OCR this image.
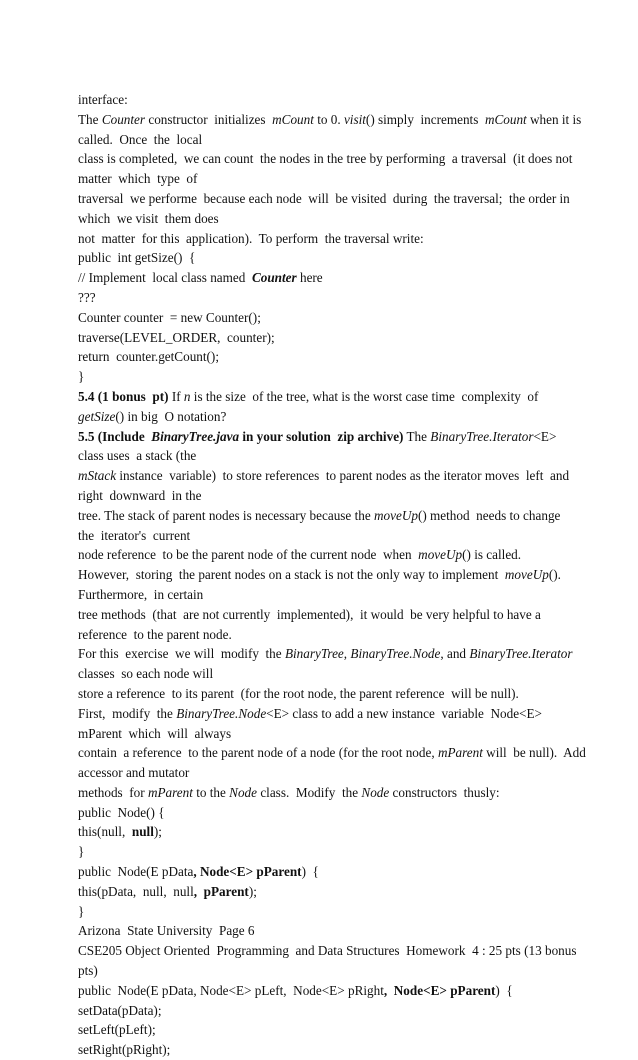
interface:
The Counter constructor  initializes  mCount to 0. visit() simply  increments  mCount when it is
called.  Once  the  local
class is completed,  we can count  the nodes in the tree by performing  a traversal  (it does not
matter  which  type  of
traversal  we performe  because each node  will  be visited  during  the traversal;  the order in
which  we visit  them does
not  matter  for this  application).  To perform  the traversal write:
public  int getSize()  {
// Implement  local class named  Counter here
???
Counter counter  = new Counter();
traverse(LEVEL_ORDER,  counter);
return  counter.getCount();
}
5.4 (1 bonus  pt) If n is the size  of the tree, what is the worst case time  complexity  of
getSize() in big  O notation?
5.5 (Include  BinaryTree.java in your solution  zip archive) The BinaryTree.Iterator<E>
class uses  a stack (the
mStack instance  variable)  to store references  to parent nodes as the iterator moves  left  and
right  downward  in the
tree. The stack of parent nodes is necessary because the moveUp() method  needs to change
the  iterator's  current
node reference  to be the parent node of the current node  when  moveUp() is called.
However,  storing  the parent nodes on a stack is not the only way to implement  moveUp().
Furthermore,  in certain
tree methods  (that  are not currently  implemented),  it would  be very helpful to have a
reference  to the parent node.
For this  exercise  we will  modify  the BinaryTree, BinaryTree.Node, and BinaryTree.Iterator
classes  so each node will
store a reference  to its parent  (for the root node, the parent reference  will be null).
First,  modify  the BinaryTree.Node<E> class to add a new instance  variable  Node<E>
mParent  which  will  always
contain  a reference  to the parent node of a node (for the root node, mParent will  be null).  Add
accessor and mutator
methods  for mParent to the Node class.  Modify  the Node constructors  thusly:
public  Node() {
this(null,  null);
}
public  Node(E pData, Node<E> pParent)  {
this(pData,  null,  null,  pParent);
}
Arizona  State University  Page 6
CSE205 Object Oriented  Programming  and Data Structures  Homework  4 : 25 pts (13 bonus
pts)
public  Node(E pData, Node<E> pLeft,  Node<E> pRight,  Node<E> pParent)  {
setData(pData);
setLeft(pLeft);
setRight(pRight);
